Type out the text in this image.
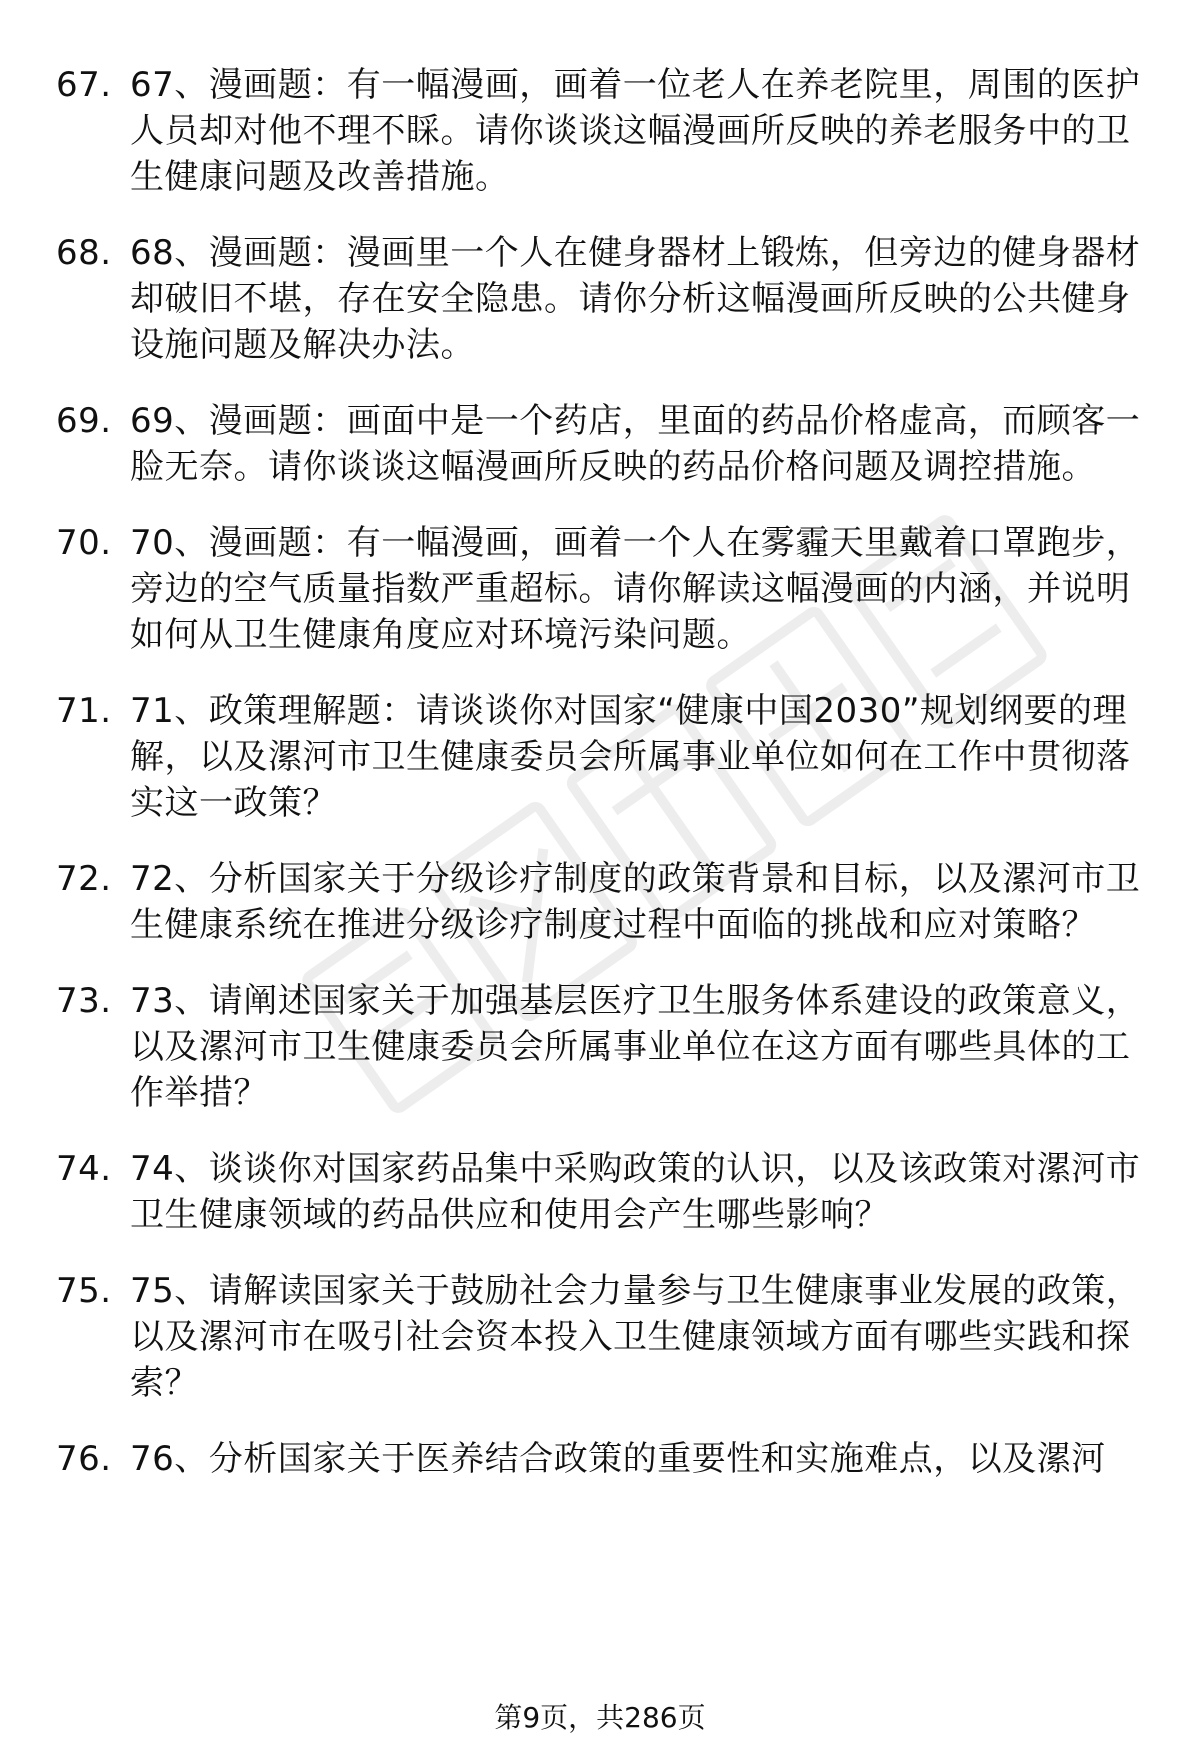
67. 67、漫画题：有一幅漫画，画着一位老人在养老院里，周围的医护人员却对他不理不睬。请你谈谈这幅漫画所反映的养老服务中的卫生健康问题及改善措施。
68. 68、漫画题：漫画里一个人在健身器材上锻炼，但旁边的健身器材却破旧不堪，存在安全隐患。请你分析这幅漫画所反映的公共健身设施问题及解决办法。
69. 69、漫画题：画面中是一个药店，里面的药品价格虚高，而顾客一脸无奈。请你谈谈这幅漫画所反映的药品价格问题及调控措施。
70. 70、漫画题：有一幅漫画，画着一个人在雾霾天里戴着口罩跑步，旁边的空气质量指数严重超标。请你解读这幅漫画的内涵，并说明如何从卫生健康角度应对环境污染问题。
71. 71、政策理解题：请谈谈你对国家“健康中国2030”规划纲要的理解，以及漯河市卫生健康委员会所属事业单位如何在工作中贯彻落实这一政策？
72. 72、分析国家关于分级诊疗制度的政策背景和目标，以及漯河市卫生健康系统在推进分级诊疗制度过程中面临的挑战和应对策略？
73. 73、请阐述国家关于加强基层医疗卫生服务体系建设的政策意义，以及漯河市卫生健康委员会所属事业单位在这方面有哪些具体的工作举措？
74. 74、谈谈你对国家药品集中采购政策的认识，以及该政策对漯河市卫生健康领域的药品供应和使用会产生哪些影响？
75. 75、请解读国家关于鼓励社会力量参与卫生健康事业发展的政策，以及漯河市在吸引社会资本投入卫生健康领域方面有哪些实践和探索？
76. 76、分析国家关于医养结合政策的重要性和实施难点，以及漯河
第9页，共286页
